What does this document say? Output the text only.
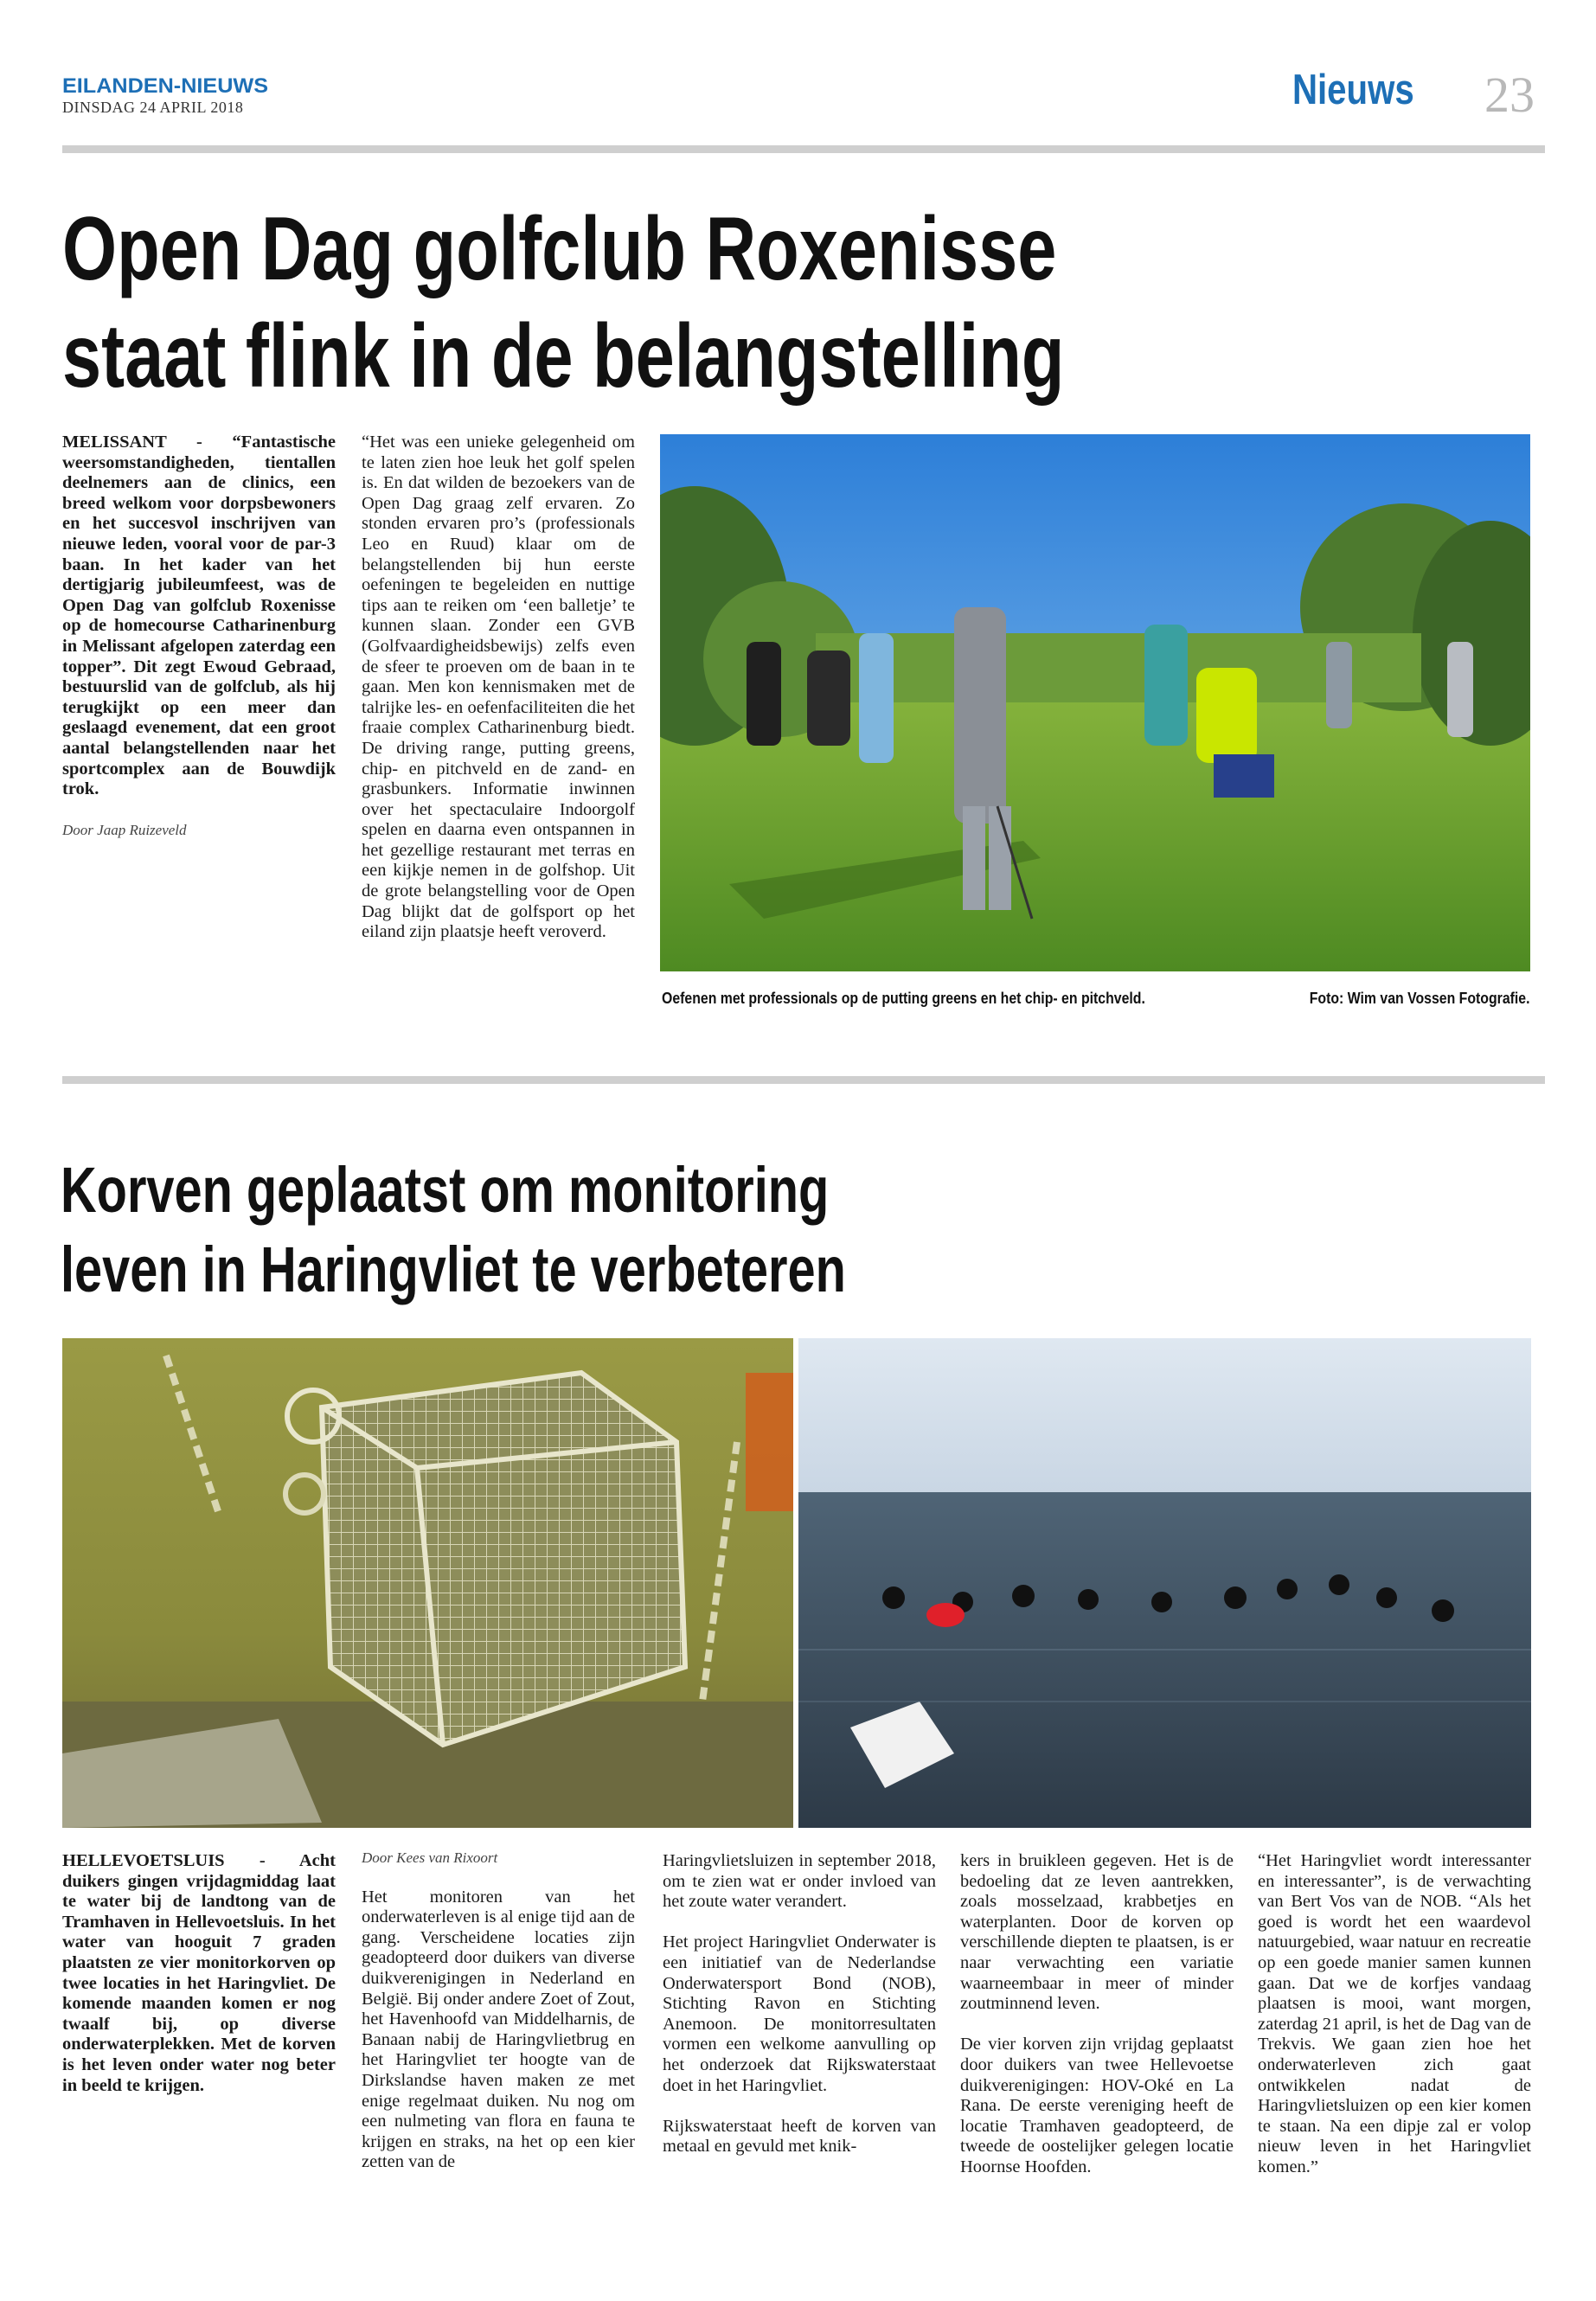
EILANDEN-NIEUWS
DINSDAG 24 APRIL 2018	Nieuws 23
Open Dag golfclub Roxenisse
staat flink in de belangstelling

MELISSANT - “Fantastische weersomstandigheden, tientallen deelnemers aan de clinics, een breed welkom voor dorpsbewoners en het succesvol inschrijven van nieuwe leden, vooral voor de par-3 baan. In het kader van het dertigjarig jubileumfeest, was de Open Dag van golfclub Roxenisse op de homecourse Catharinenburg in Melissant afgelopen zaterdag een topper”. Dit zegt Ewoud Gebraad, bestuurslid van de golfclub, als hij terugkijkt op een meer dan geslaagd evenement, dat een groot aantal belangstellenden naar het sportcomplex aan de Bouwdijk trok.

Door Jaap Ruizeveld

“Het was een unieke gelegenheid om te laten zien hoe leuk het golf spelen is. En dat wilden de bezoekers van de Open Dag graag zelf ervaren. Zo stonden ervaren pro’s (professionals Leo en Ruud) klaar om de belangstellenden bij hun eerste oefeningen te begeleiden en nuttige tips aan te reiken om ‘een balletje’ te kunnen slaan. Zonder een GVB (Golfvaardigheidsbewijs) zelfs even de sfeer te proeven om de baan in te gaan. Men kon kennismaken met de talrijke les- en oefenfaciliteiten die het fraaie complex Catharinenburg biedt. De driving range, putting greens, chip- en pitchveld en de zand- en grasbunkers. Informatie inwinnen over het spectaculaire Indoorgolf spelen en daarna even ontspannen in het gezellige restaurant met terras en een kijkje nemen in de golfshop. Uit de grote belangstelling voor de Open Dag blijkt dat de golfsport op het eiland zijn plaatsje heeft veroverd.

Oefenen met professionals op de putting greens en het chip- en pitchveld.	Foto: Wim van Vossen Fotografie.
Korven geplaatst om monitoring
leven in Haringvliet te verbeteren

HELLEVOETSLUIS - Acht duikers gingen vrijdagmiddag laat te water bij de landtong van de Tramhaven in Hellevoetsluis. In het water van hooguit 7 graden plaatsten ze vier monitorkorven op twee locaties in het Haringvliet. De komende maanden komen er nog twaalf bij, op diverse onderwaterplekken. Met de korven is het leven onder water nog beter in beeld te krijgen.

Door Kees van Rixoort

Het monitoren van het onderwaterleven is al enige tijd aan de gang. Verscheidene locaties zijn geadopteerd door duikers van diverse duikverenigingen in Nederland en België. Bij onder andere Zoet of Zout, het Havenhoofd van Middelharnis, de Banaan nabij de Haringvlietbrug en het Haringvliet ter hoogte van de Dirkslandse haven maken ze met enige regelmaat duiken. Nu nog om een nulmeting van flora en fauna te krijgen en straks, na het op een kier zetten van de

Haringvlietsluizen in september 2018, om te zien wat er onder invloed van het zoute water verandert.

Het project Haringvliet Onderwater is een initiatief van de Nederlandse Onderwatersport Bond (NOB), Stichting Ravon en Stichting Anemoon. De monitorresultaten vormen een welkome aanvulling op het onderzoek dat Rijkswaterstaat doet in het Haringvliet.

Rijkswaterstaat heeft de korven van metaal en gevuld met knik-

kers in bruikleen gegeven. Het is de bedoeling dat ze leven aantrekken, zoals mosselzaad, krabbetjes en waterplanten. Door de korven op verschillende diepten te plaatsen, is er naar verwachting een variatie waarneembaar in meer of minder zoutminnend leven.

De vier korven zijn vrijdag geplaatst door duikers van twee Hellevoetse duikverenigingen: HOV-Oké en La Rana. De eerste vereniging heeft de locatie Tramhaven geadopteerd, de tweede de oostelijker gelegen locatie Hoornse Hoofden.

“Het Haringvliet wordt interessanter en interessanter”, is de verwachting van Bert Vos van de NOB. “Als het goed is wordt het een waardevol natuurgebied, waar natuur en recreatie op een goede manier samen kunnen gaan. Dat we de korfjes vandaag plaatsen is mooi, want morgen, zaterdag 21 april, is het de Dag van de Trekvis. We gaan zien hoe het onderwaterleven zich gaat ontwikkelen nadat de Haringvlietsluizen op een kier komen te staan. Na een dipje zal er volop nieuw leven in het Haringvliet komen.”
